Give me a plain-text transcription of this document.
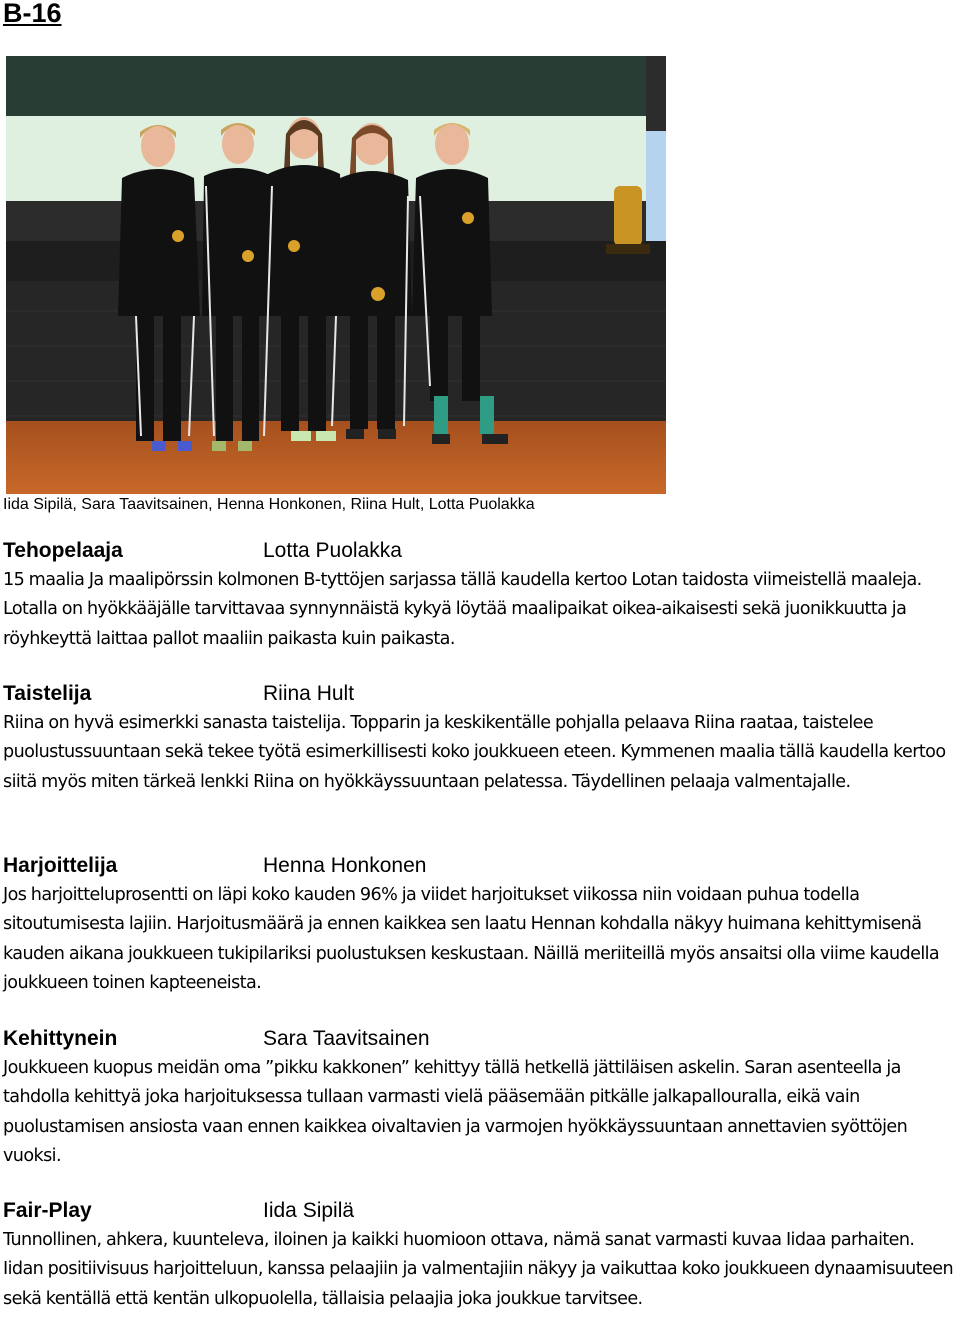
B-16
Iida Sipilä, Sara Taavitsainen, Henna Honkonen, Riina Hult, Lotta Puolakka
Tehopelaaja	Lotta Puolakka

15 maalia Ja maalipörssin kolmonen B-tyttöjen sarjassa tällä kaudella kertoo Lotan taidosta viimeistellä maaleja. Lotalla on hyökkääjälle tarvittavaa synnynnäistä kykyä löytää maalipaikat oikea-aikaisesti sekä juonikkuutta ja röyhkeyttä laittaa pallot maaliin paikasta kuin paikasta.

Taistelija	Riina Hult

Riina on hyvä esimerkki sanasta taistelija. Topparin ja keskikentälle pohjalla pelaava Riina raataa, taistelee puolustussuuntaan sekä tekee työtä esimerkillisesti koko joukkueen eteen. Kymmenen maalia tällä kaudella kertoo siitä myös miten tärkeä lenkki Riina on hyökkäyssuuntaan pelatessa. Täydellinen pelaaja valmentajalle.

Harjoittelija	Henna Honkonen

Jos harjoitteluprosentti on läpi koko kauden 96% ja viidet harjoitukset viikossa niin voidaan puhua todella sitoutumisesta lajiin. Harjoitusmäärä ja ennen kaikkea sen laatu Hennan kohdalla näkyy huimana kehittymisenä kauden aikana joukkueen tukipilariksi puolustuksen keskustaan. Näillä meriiteillä myös ansaitsi olla viime kaudella joukkueen toinen kapteeneista.

Kehittynein	Sara Taavitsainen

Joukkueen kuopus meidän oma ”pikku kakkonen” kehittyy tällä hetkellä jättiläisen askelin. Saran asenteella ja tahdolla kehittyä joka harjoituksessa tullaan varmasti vielä pääsemään pitkälle jalkapallouralla, eikä vain puolustamisen ansiosta vaan ennen kaikkea oivaltavien ja varmojen hyökkäyssuuntaan annettavien syöttöjen vuoksi.

Fair-Play	Iida Sipilä

Tunnollinen, ahkera, kuunteleva, iloinen ja kaikki huomioon ottava, nämä sanat varmasti kuvaa Iidaa parhaiten. Iidan positiivisuus harjoitteluun, kanssa pelaajiin ja valmentajiin näkyy ja vaikuttaa koko joukkueen dynaamisuuteen sekä kentällä että kentän ulkopuolella, tällaisia pelaajia joka joukkue tarvitsee.
